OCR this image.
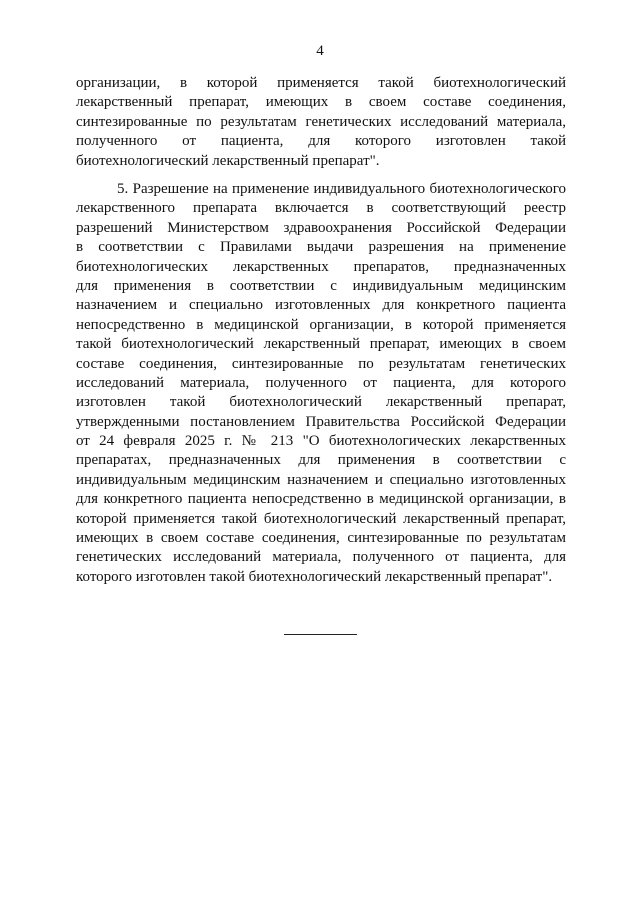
4
организации, в которой применяется такой биотехнологический
лекарственный препарат, имеющих в своем составе соединения,
синтезированные по результатам генетических исследований материала,
полученного от пациента, для которого изготовлен такой
биотехнологический лекарственный препарат".
5. Разрешение на применение индивидуального биотехнологического
лекарственного препарата включается в соответствующий реестр
разрешений Министерством здравоохранения Российской Федерации
в соответствии с Правилами выдачи разрешения на применение
биотехнологических лекарственных препаратов, предназначенных
для применения в соответствии с индивидуальным медицинским
назначением и специально изготовленных для конкретного пациента
непосредственно в медицинской организации, в которой применяется
такой биотехнологический лекарственный препарат, имеющих в своем
составе соединения, синтезированные по результатам генетических
исследований материала, полученного от пациента, для которого
изготовлен такой биотехнологический лекарственный препарат,
утвержденными постановлением Правительства Российской Федерации
от 24 февраля 2025 г. № 213 "О биотехнологических лекарственных
препаратах, предназначенных для применения в соответствии с
индивидуальным медицинским назначением и специально изготовленных
для конкретного пациента непосредственно в медицинской организации, в
которой применяется такой биотехнологический лекарственный препарат,
имеющих в своем составе соединения, синтезированные по результатам
генетических исследований материала, полученного от пациента, для
которого изготовлен такой биотехнологический лекарственный препарат".
